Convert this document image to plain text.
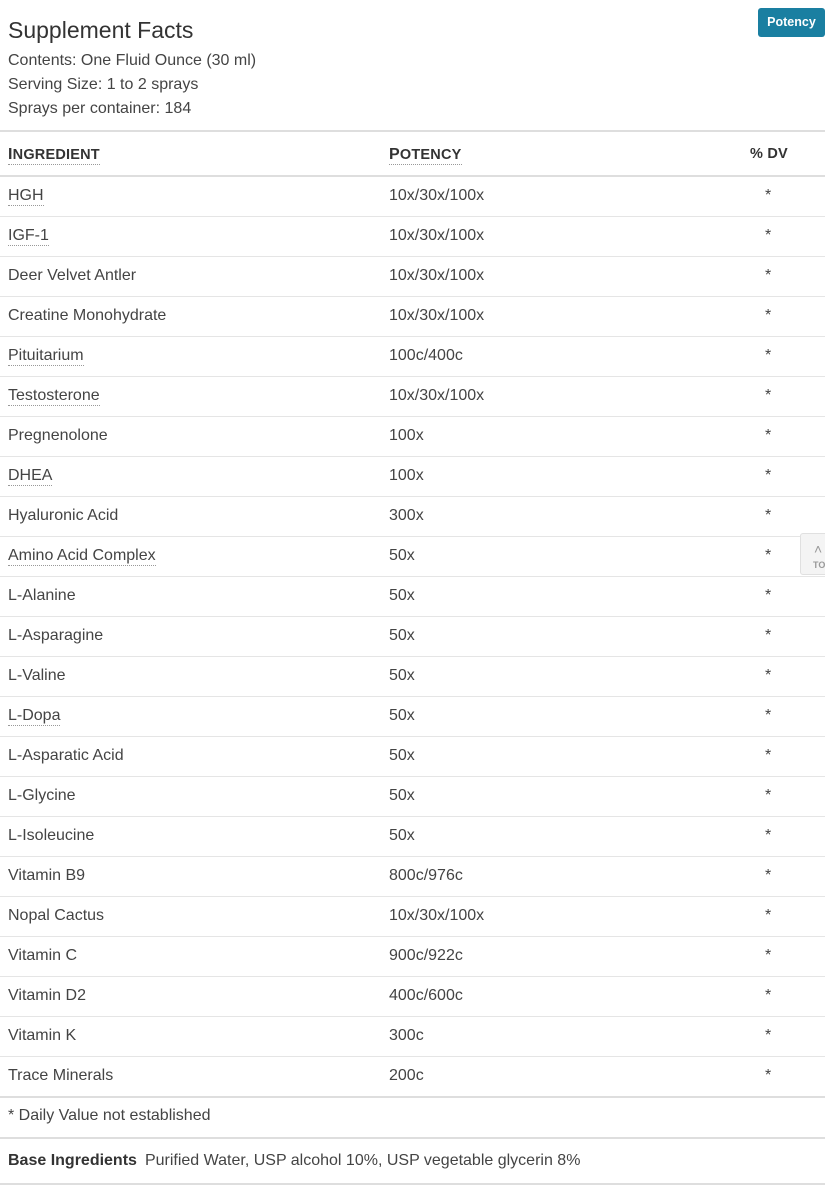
Supplement Facts	Potency
Contents: One Fluid Ounce (30 ml)
Serving Size: 1 to 2 sprays
Sprays per container: 184
INGREDIENT	POTENCY	% DV
HGH	10x/30x/100x	*
IGF-1	10x/30x/100x	*
Deer Velvet Antler	10x/30x/100x	*
Creatine Monohydrate	10x/30x/100x	*
Pituitarium	100c/400c	*
Testosterone	10x/30x/100x	*
Pregnenolone	100x	*
DHEA	100x	*
Hyaluronic Acid	300x	*
Amino Acid Complex	50x	*
L-Alanine	50x	*
L-Asparagine	50x	*
L-Valine	50x	*
L-Dopa	50x	*
L-Asparatic Acid	50x	*
L-Glycine	50x	*
L-Isoleucine	50x	*
Vitamin B9	800c/976c	*
Nopal Cactus	10x/30x/100x	*
Vitamin C	900c/922c	*
Vitamin D2	400c/600c	*
Vitamin K	300c	*
Trace Minerals	200c	*
* Daily Value not established
Base Ingredients Purified Water, USP alcohol 10%, USP vegetable glycerin 8%
˄
TO
